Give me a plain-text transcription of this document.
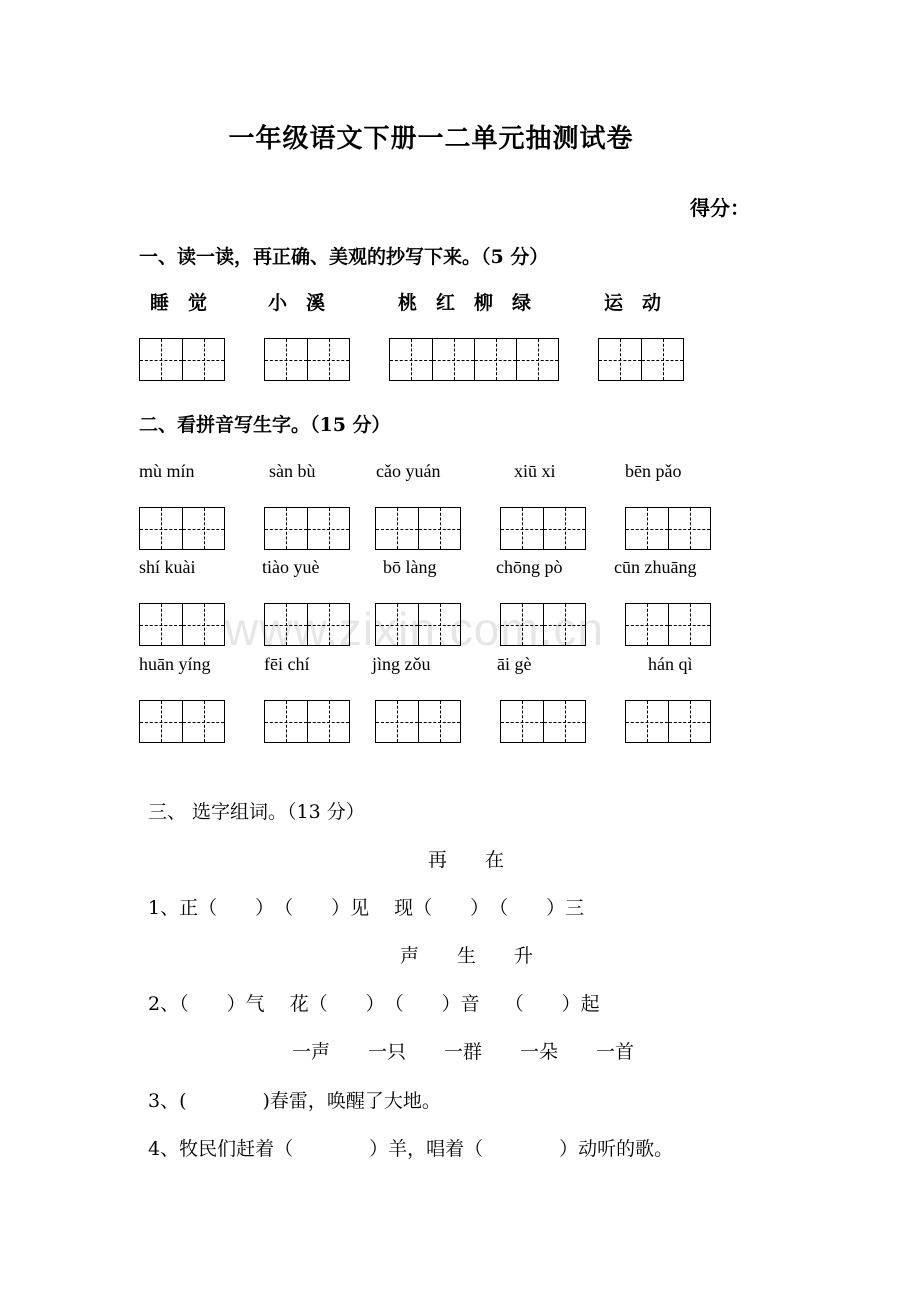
www.zixin.com.cn
一年级语文下册一二单元抽测试卷
得分：
一、读一读，再正确、美观的抄写下来。（5 分）
睡　觉	小　溪	桃　红　柳　绿	运　动
二、看拼音写生字。（15 分）
mù mín	sàn bù	cǎo yuán	xiū xi	bēn pǎo
shí kuài	tiào yuè	bō làng	chōng pò	cūn zhuāng
huān yíng	fēi chí	jìng zǒu	āi gè	hán qì
三、 选字组词。（13 分）
再　　在
1、正（　　）　（　　）见　 现（　　）　（　　）三
声　　生　　升
2、（　　）气　 花（　　）　（　　）音　 （　　）起
一声　　一只　　一群　　一朵　　一首
3、(　　　　)春雷，唤醒了大地。
4、牧民们赶着（　　　　）羊，唱着（　　　　）动听的歌。
